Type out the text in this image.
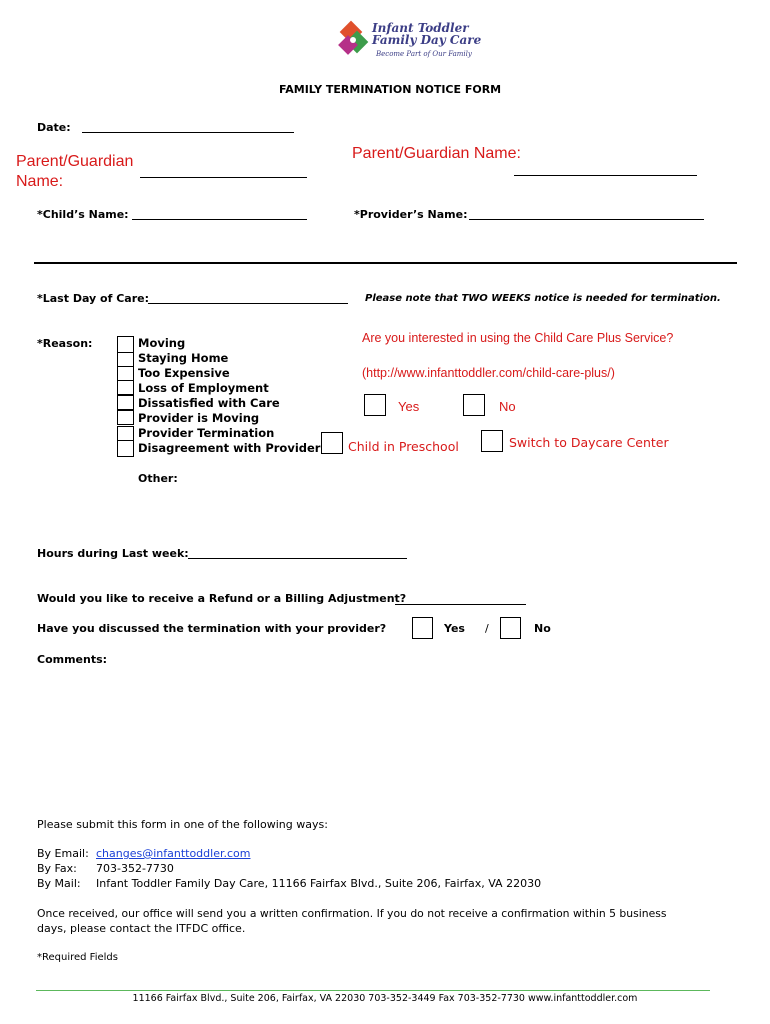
Infant Toddler
Family Day Care
Become Part of Our Family
FAMILY TERMINATION NOTICE FORM
Date:
Parent/Guardian Name:
Parent/Guardian Name:
*Child’s Name:	*Provider’s Name:
*Last Day of Care:	Please note that TWO WEEKS notice is needed for termination.
*Reason:	Moving
Staying Home
Too Expensive
Loss of Employment
Dissatisfied with Care
Provider is Moving
Provider Termination
Disagreement with Provider
Are you interested in using the Child Care Plus Service?
(http://www.infanttoddler.com/child-care-plus/)
Yes	No
Child in Preschool	Switch to Daycare Center
Other:
Hours during Last week:
Would you like to receive a Refund or a Billing Adjustment?
Have you discussed the termination with your provider?	Yes /	No
Comments:
Please submit this form in one of the following ways:
By Email: changes@infanttoddler.com
By Fax: 703-352-7730
By Mail: Infant Toddler Family Day Care, 11166 Fairfax Blvd., Suite 206, Fairfax, VA 22030
Once received, our office will send you a written confirmation. If you do not receive a confirmation within 5 business
days, please contact the ITFDC office.
*Required Fields
11166 Fairfax Blvd., Suite 206, Fairfax, VA 22030 703-352-3449 Fax 703-352-7730 www.infanttoddler.com
